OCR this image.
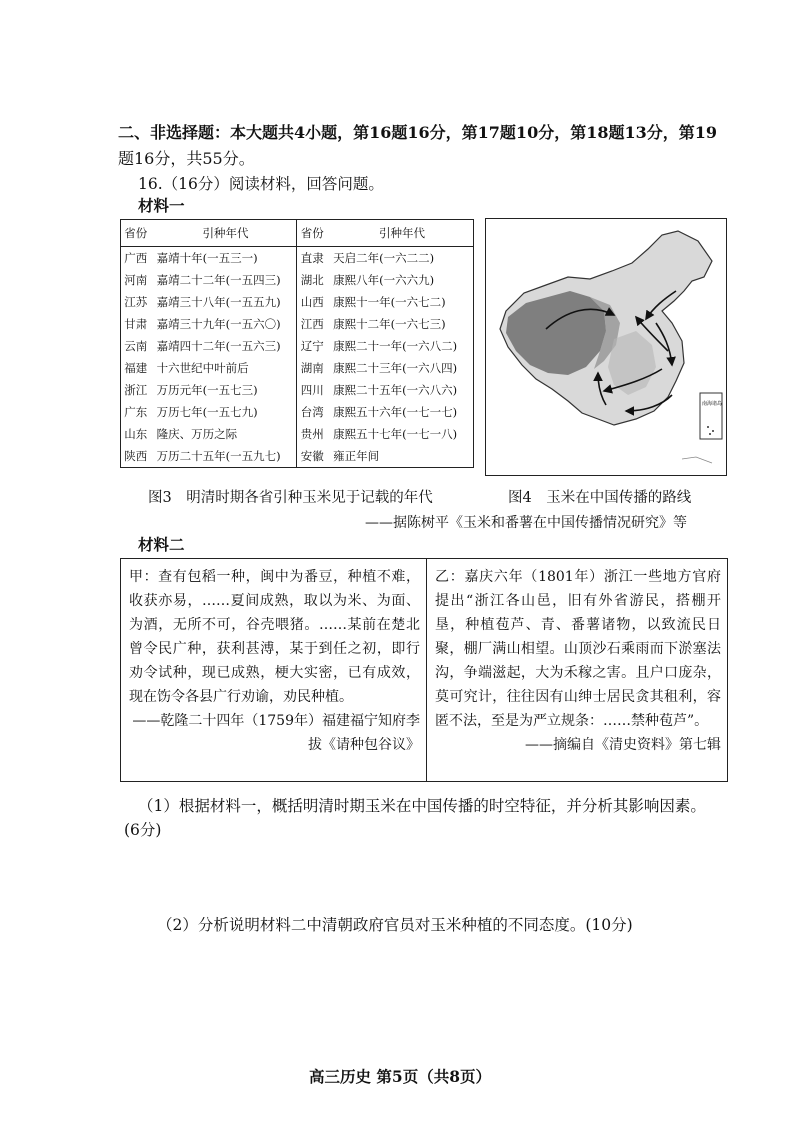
二、非选择题：本大题共4小题，第16题16分，第17题10分，第18题13分，第19
题16分，共55分。
16.（16分）阅读材料，回答问题。
材料一
省份	引种年代	省份	引种年代
广西	嘉靖十年(一五三一)	直隶	天启二年(一六二二)
河南	嘉靖二十二年(一五四三)	湖北	康熙八年(一六六九)
江苏	嘉靖三十八年(一五五九)	山西	康熙十一年(一六七二)
甘肃	嘉靖三十九年(一五六〇)	江西	康熙十二年(一六七三)
云南	嘉靖四十二年(一五六三)	辽宁	康熙二十一年(一六八二)
福建	十六世纪中叶前后	湖南	康熙二十三年(一六八四)
浙江	万历元年(一五七三)	四川	康熙二十五年(一六八六)
广东	万历七年(一五七九)	台湾	康熙五十六年(一七一七)
山东	隆庆、万历之际	贵州	康熙五十七年(一七一八)
陕西	万历二十五年(一五九七)	安徽	雍正年间
南海诸岛
图3　明清时期各省引种玉米见于记载的年代	图4　玉米在中国传播的路线
——据陈树平《玉米和番薯在中国传播情况研究》等
材料二
甲：查有包稻一种，闽中为番豆，种植不难，收获亦易，……夏间成熟，取以为米、为面、为酒，无所不可，谷壳喂猪。……某前在楚北曾令民广种，获利甚溥，某于到任之初，即行劝令试种，现已成熟，梗大实密，已有成效，现在饬令各县广行劝谕，劝民种植。
——乾隆二十四年（1759年）福建福宁知府李拔《请种包谷议》
乙：嘉庆六年（1801年）浙江一些地方官府提出“浙江各山邑，旧有外省游民，搭棚开垦，种植苞芦、青、番薯诸物，以致流民日聚，棚厂满山相望。山顶沙石乘雨而下淤塞法沟，争端滋起，大为禾稼之害。且户口庞杂，莫可究计，往往因有山绅士居民贪其租利，容匿不法，至是为严立规条：……禁种苞芦”。
——摘编自《清史资料》第七辑
（1）根据材料一，概括明清时期玉米在中国传播的时空特征，并分析其影响因素。
(6分)
（2）分析说明材料二中清朝政府官员对玉米种植的不同态度。(10分)
高三历史 第5页（共8页）
